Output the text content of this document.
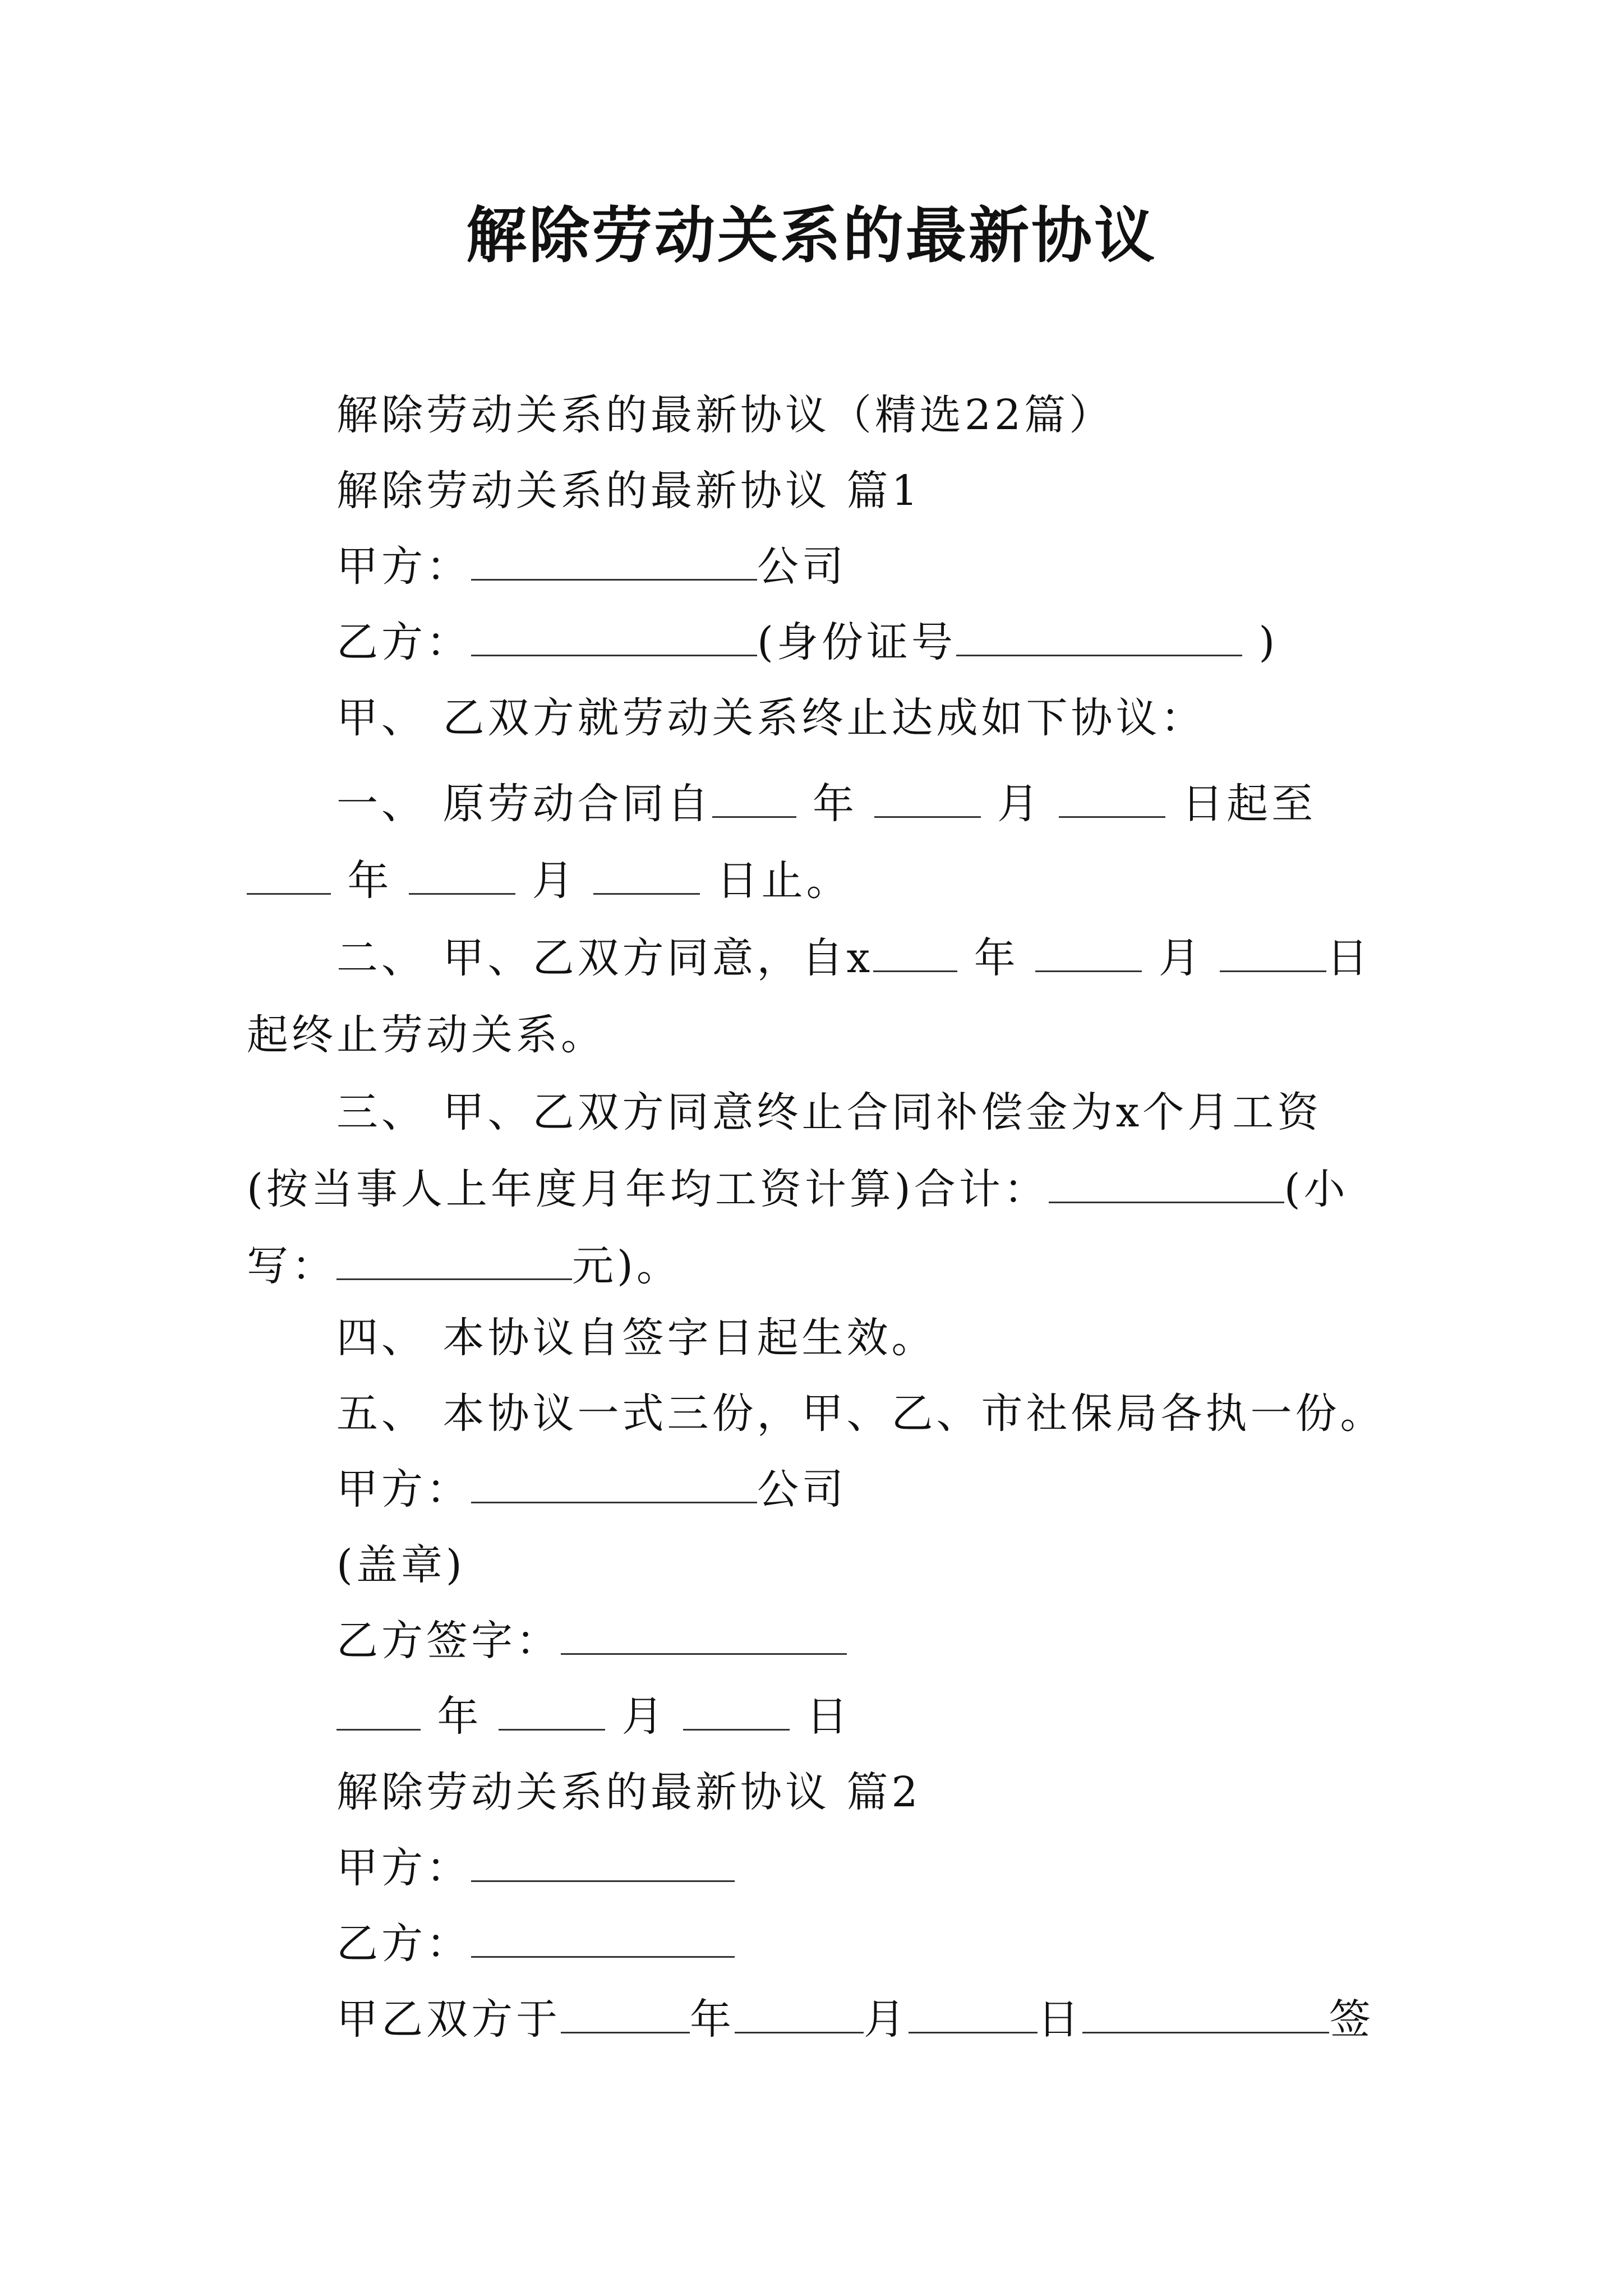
解除劳动关系的最新协议
解除劳动关系的最新协议（精选22篇）
解除劳动关系的最新协议 篇1
甲方：	公司
乙方：	(身份证号	)
甲、 乙双方就劳动关系终止达成如下协议：
一、 原劳动合同自 年	月	日起至 年	月	日止。
二、 甲、乙双方同意，自x 年	月	日起终止劳动关系。
三、 甲、乙双方同意终止合同补偿金为x个月工资(按当事人上年度月年均工资计算)合计：	(小写：	元)。
四、 本协议自签字日起生效。
五、 本协议一式三份，甲、乙、市社保局各执一份。
甲方：	公司
(盖章)
乙方签字：
年	月	日
解除劳动关系的最新协议 篇2
甲方：
乙方：
甲乙双方于	年	月	日	签
